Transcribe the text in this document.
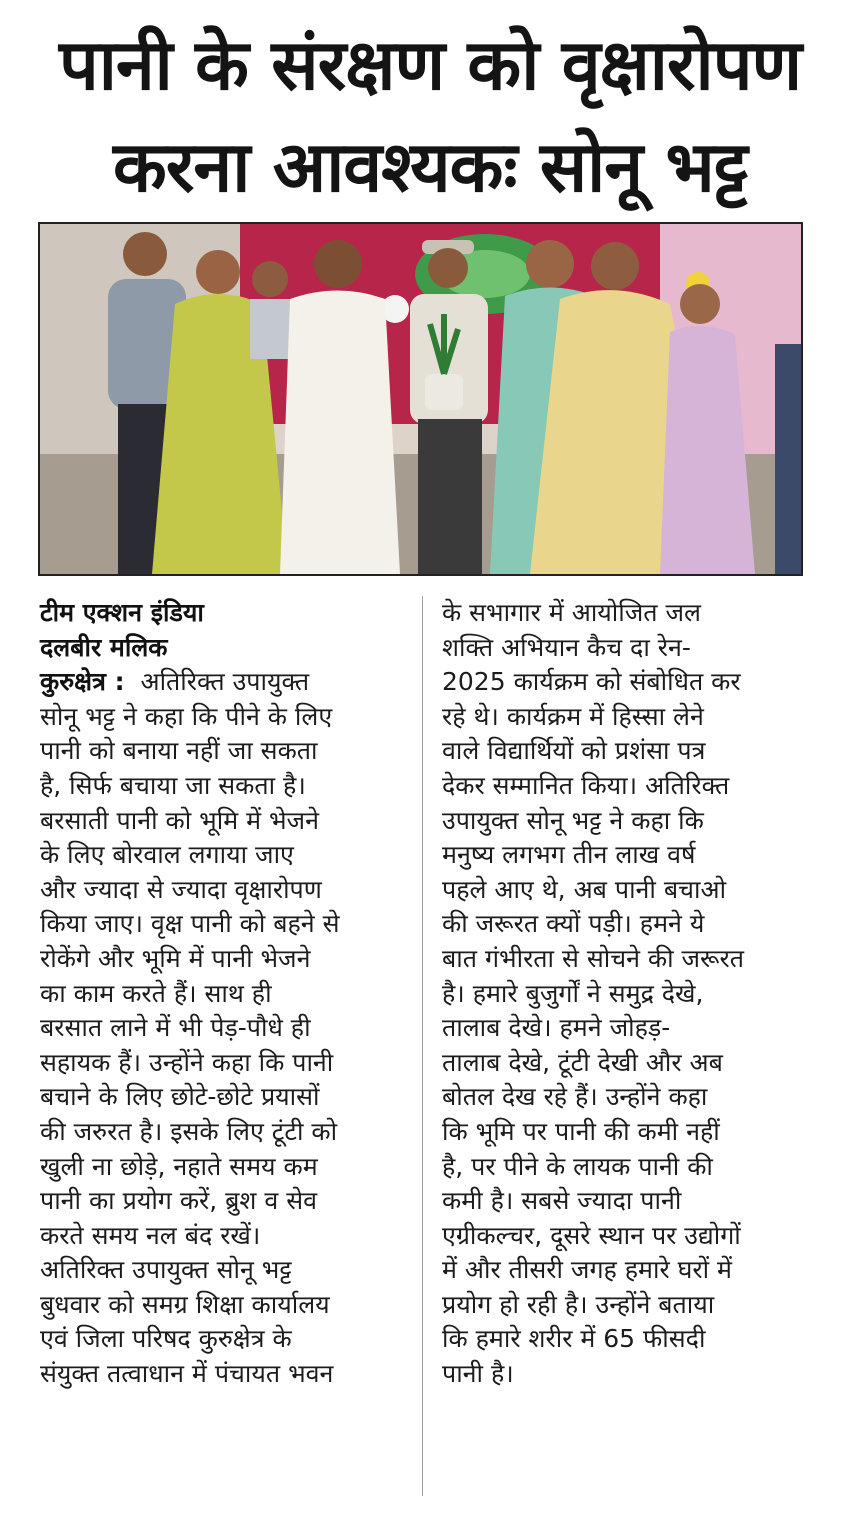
पानी के संरक्षण को वृक्षारोपण
करना आवश्यकः सोनू भट्ट

टीम एक्शन इंडिया

दलबीर मलिक

कुरुक्षेत्र : अतिरिक्त उपायुक्त

सोनू भट्ट ने कहा कि पीने के लिए

पानी को बनाया नहीं जा सकता

है, सिर्फ बचाया जा सकता है।

बरसाती पानी को भूमि में भेजने

के लिए बोरवाल लगाया जाए

और ज्यादा से ज्यादा वृक्षारोपण

किया जाए। वृक्ष पानी को बहने से

रोकेंगे और भूमि में पानी भेजने

का काम करते हैं। साथ ही

बरसात लाने में भी पेड़-पौधे ही

सहायक हैं। उन्होंने कहा कि पानी

बचाने के लिए छोटे-छोटे प्रयासों

की जरुरत है। इसके लिए टूंटी को

खुली ना छोड़े, नहाते समय कम

पानी का प्रयोग करें, ब्रुश व सेव

करते समय नल बंद रखें।

अतिरिक्त उपायुक्त सोनू भट्ट

बुधवार को समग्र शिक्षा कार्यालय

एवं जिला परिषद कुरुक्षेत्र के

संयुक्त तत्वाधान में पंचायत भवन

के सभागार में आयोजित जल

शक्ति अभियान कैच दा रेन-

2025 कार्यक्रम को संबोधित कर

रहे थे। कार्यक्रम में हिस्सा लेने

वाले विद्यार्थियों को प्रशंसा पत्र

देकर सम्मानित किया। अतिरिक्त

उपायुक्त सोनू भट्ट ने कहा कि

मनुष्य लगभग तीन लाख वर्ष

पहले आए थे, अब पानी बचाओ

की जरूरत क्यों पड़ी। हमने ये

बात गंभीरता से सोचने की जरूरत

है। हमारे बुजुर्गों ने समुद्र देखे,

तालाब देखे। हमने जोहड़-

तालाब देखे, टूंटी देखी और अब

बोतल देख रहे हैं। उन्होंने कहा

कि भूमि पर पानी की कमी नहीं

है, पर पीने के लायक पानी की

कमी है। सबसे ज्यादा पानी

एग्रीकल्चर, दूसरे स्थान पर उद्योगों

में और तीसरी जगह हमारे घरों में

प्रयोग हो रही है। उन्होंने बताया

कि हमारे शरीर में 65 फीसदी

पानी है।
